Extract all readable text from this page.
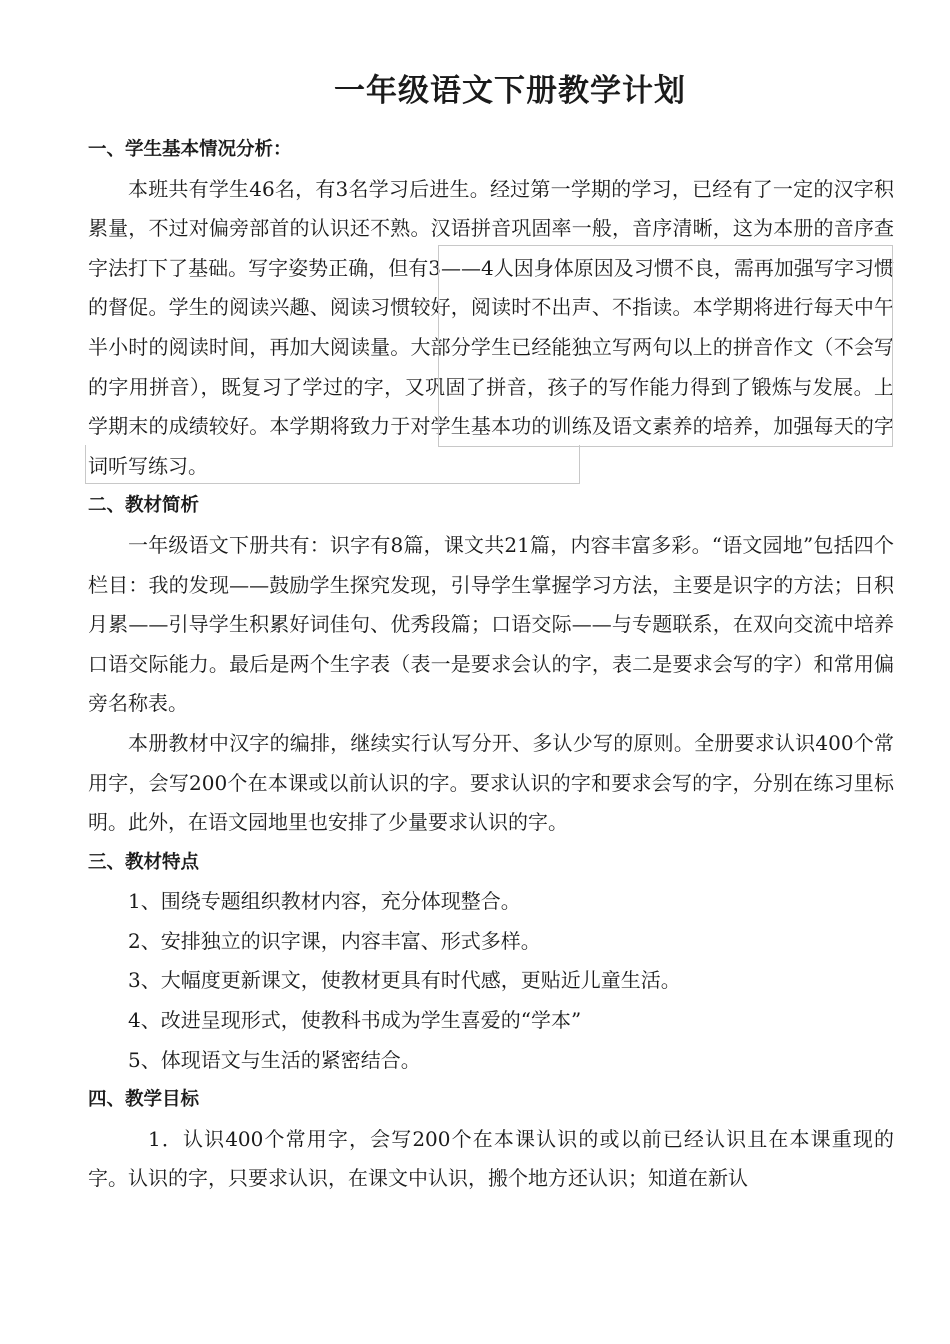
一年级语文下册教学计划

一、学生基本情况分析：

本班共有学生46名，有3名学习后进生。经过第一学期的学习，已经有了一定的汉字积累量，不过对偏旁部首的认识还不熟。汉语拼音巩固率一般，音序清晰，这为本册的音序查字法打下了基础。写字姿势正确，但有3——4人因身体原因及习惯不良，需再加强写字习惯的督促。学生的阅读兴趣、阅读习惯较好，阅读时不出声、不指读。本学期将进行每天中午半小时的阅读时间，再加大阅读量。大部分学生已经能独立写两句以上的拼音作文（不会写的字用拼音），既复习了学过的字，又巩固了拼音，孩子的写作能力得到了锻炼与发展。上学期末的成绩较好。本学期将致力于对学生基本功的训练及语文素养的培养，加强每天的字词听写练习。

二、教材简析

一年级语文下册共有：识字有8篇，课文共21篇，内容丰富多彩。“语文园地”包括四个栏目：我的发现——鼓励学生探究发现，引导学生掌握学习方法，主要是识字的方法；日积月累——引导学生积累好词佳句、优秀段篇；口语交际——与专题联系，在双向交流中培养口语交际能力。最后是两个生字表（表一是要求会认的字，表二是要求会写的字）和常用偏旁名称表。

本册教材中汉字的编排，继续实行认写分开、多认少写的原则。全册要求认识400个常用字，会写200个在本课或以前认识的字。要求认识的字和要求会写的字，分别在练习里标明。此外，在语文园地里也安排了少量要求认识的字。

三、教材特点

1、围绕专题组织教材内容，充分体现整合。

2、安排独立的识字课，内容丰富、形式多样。

3、大幅度更新课文，使教材更具有时代感，更贴近儿童生活。

4、改进呈现形式，使教科书成为学生喜爱的“学本”

5、体现语文与生活的紧密结合。

四、教学目标

1．认识400个常用字，会写200个在本课认识的或以前已经认识且在本课重现的字。认识的字，只要求认识，在课文中认识，搬个地方还认识；知道在新认
